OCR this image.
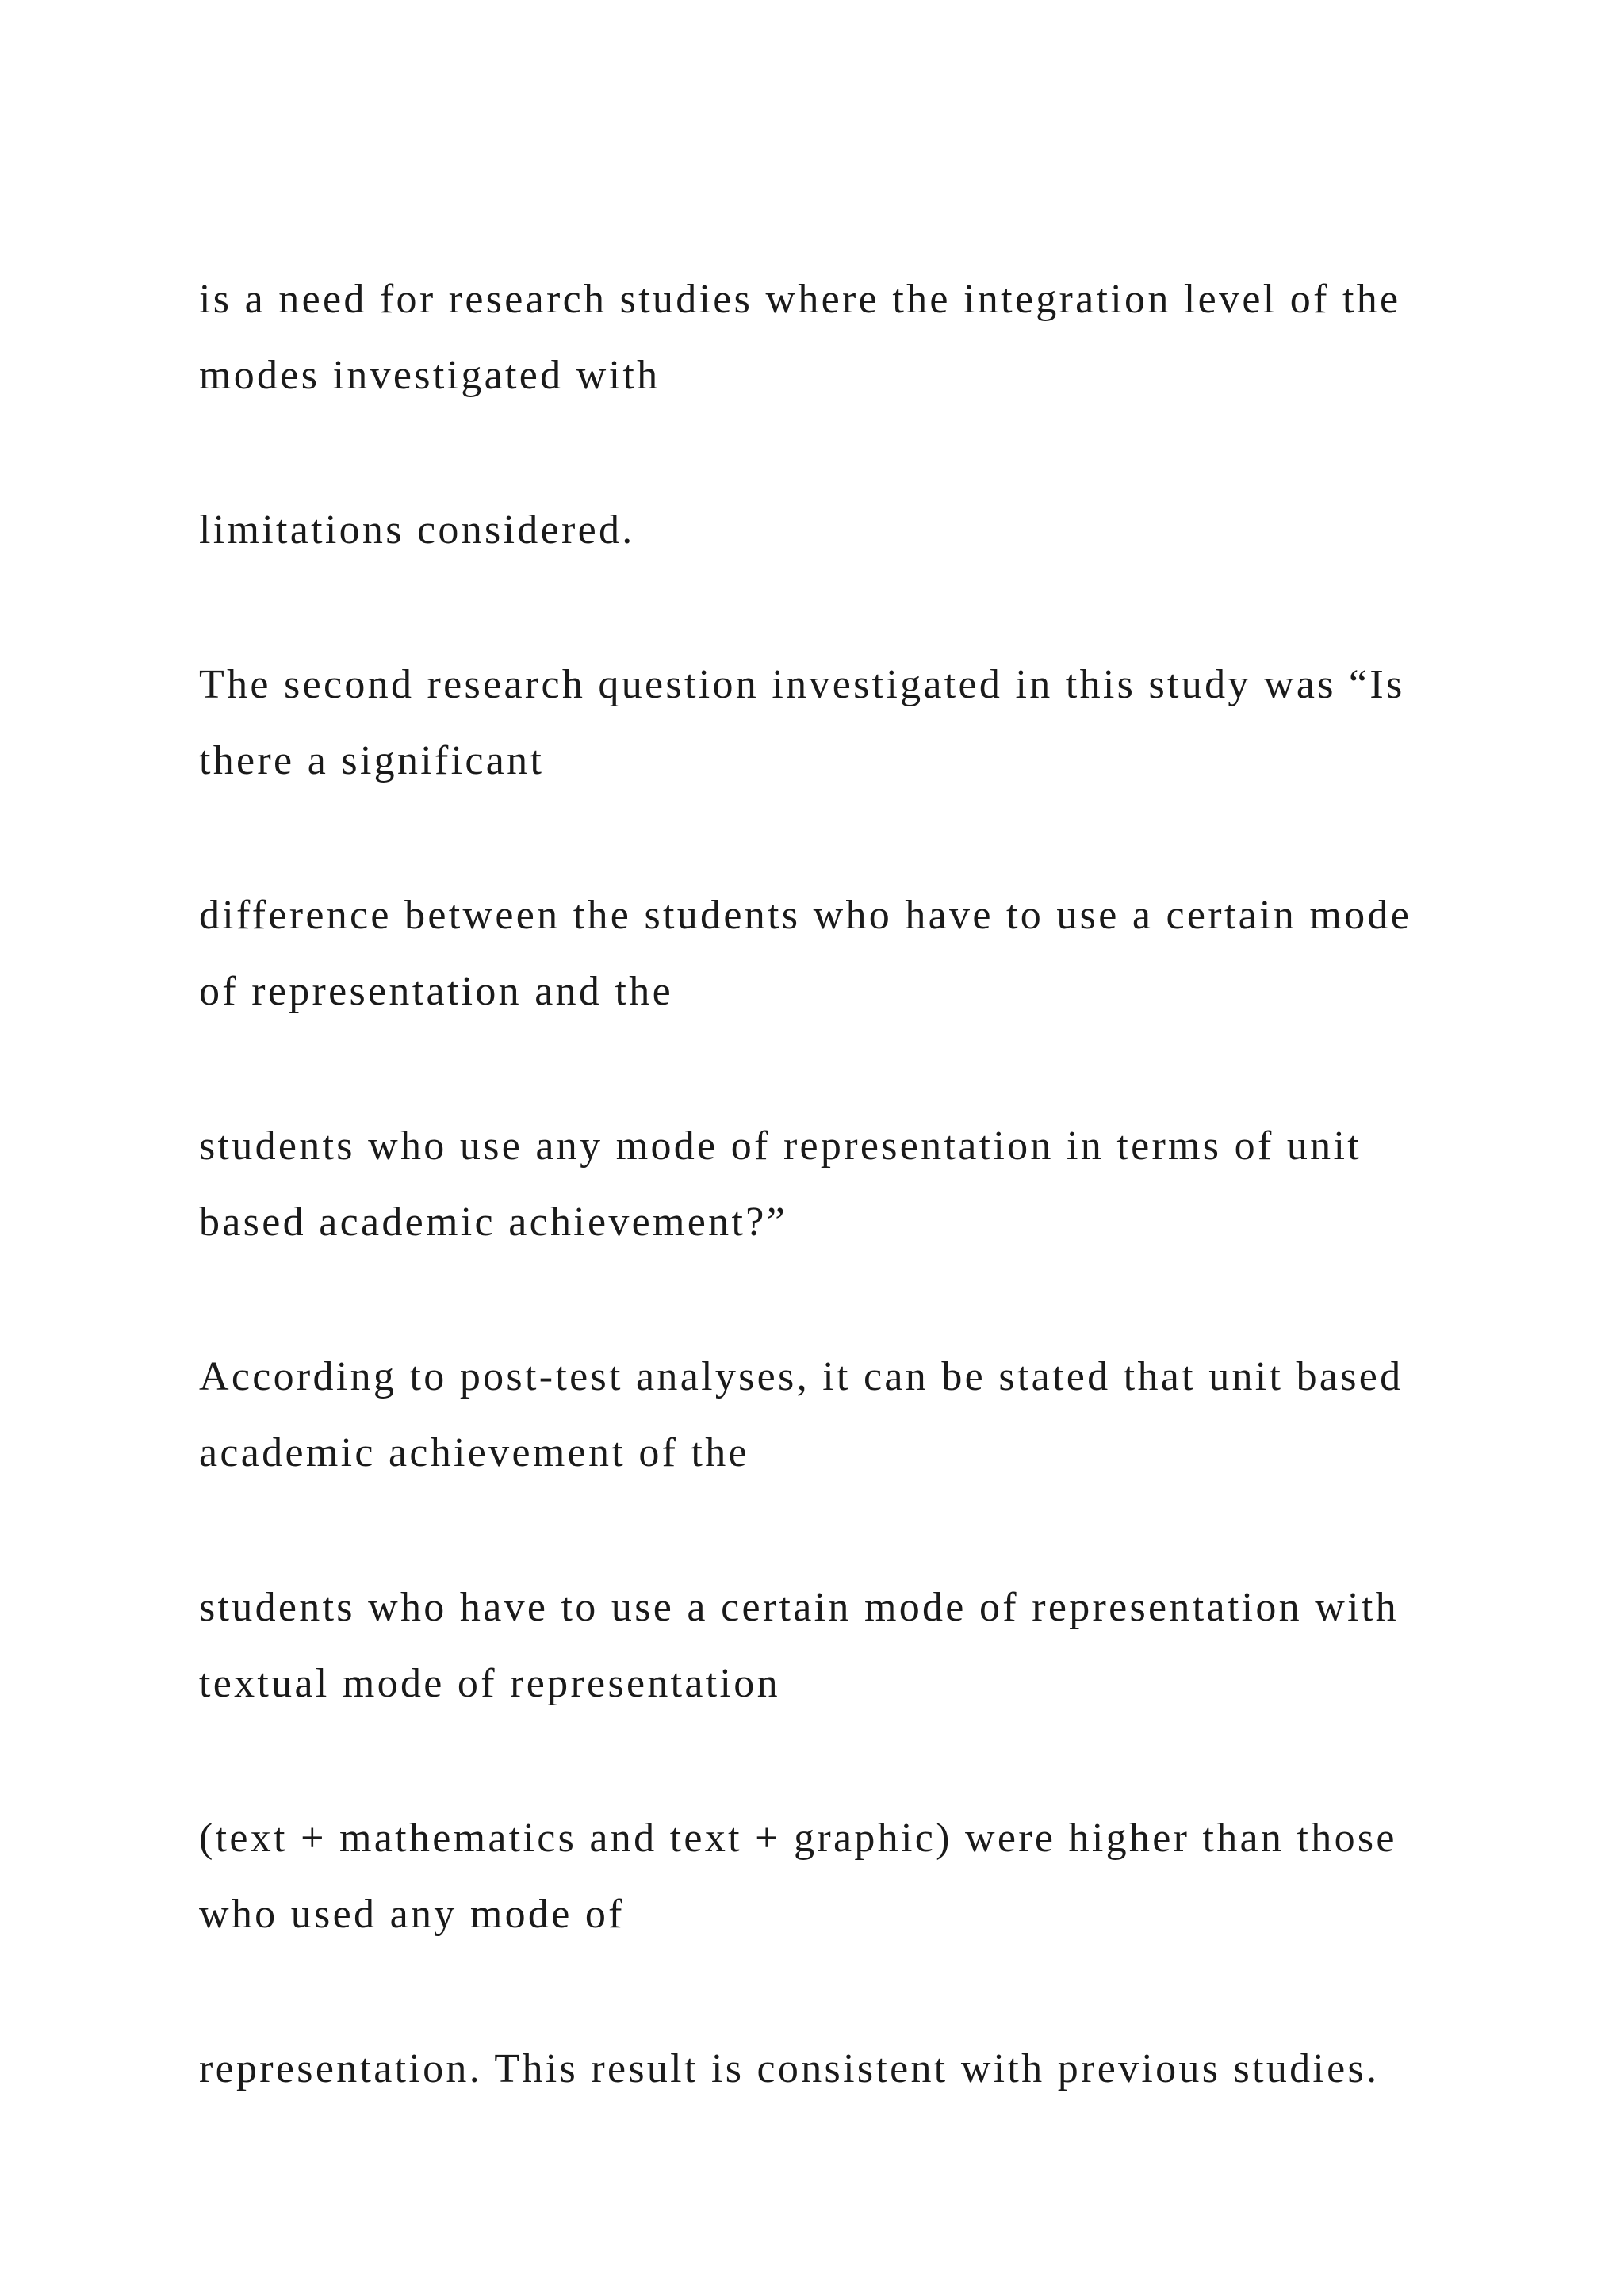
is a need for research studies where the integration level of the

modes investigated with

limitations considered.

The second research question investigated in this study was “Is

there a significant

difference between the students who have to use a certain mode

of representation and the

students who use any mode of representation in terms of unit

based academic achievement?”

According to post-test analyses, it can be stated that unit based

academic achievement of the

students who have to use a certain mode of representation with

textual mode of representation

(text + mathematics and text + graphic) were higher than those

who used any mode of

representation. This result is consistent with previous studies.
